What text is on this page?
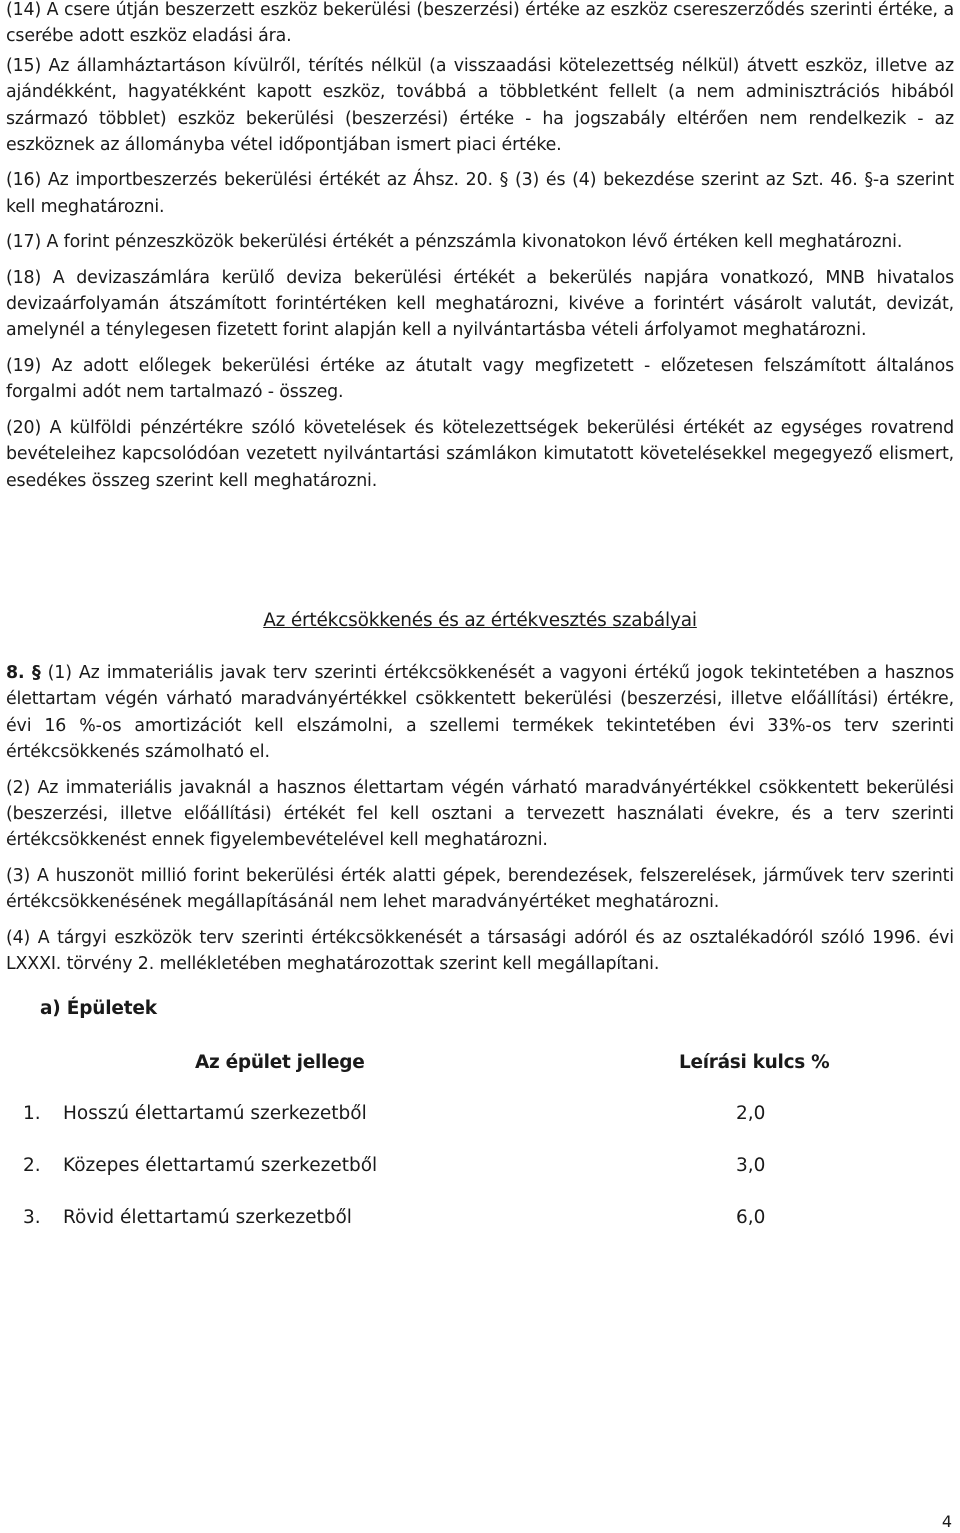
(14) A csere útján beszerzett eszköz bekerülési (beszerzési) értéke az eszköz csereszerződés szerinti értéke, a cserébe adott eszköz eladási ára.

(15) Az államháztartáson kívülről, térítés nélkül (a visszaadási kötelezettség nélkül) átvett eszköz, illetve az ajándékként, hagyatékként kapott eszköz, továbbá a többletként fellelt (a nem adminisztrációs hibából származó többlet) eszköz bekerülési (beszerzési) értéke - ha jogszabály eltérően nem rendelkezik - az eszköznek az állományba vétel időpontjában ismert piaci értéke.

(16) Az importbeszerzés bekerülési értékét az Áhsz. 20. § (3) és (4) bekezdése szerint az Szt. 46. §-a szerint kell meghatározni.

(17) A forint pénzeszközök bekerülési értékét a pénzszámla kivonatokon lévő értéken kell meghatározni.

(18) A devizaszámlára kerülő deviza bekerülési értékét a bekerülés napjára vonatkozó, MNB hivatalos devizaárfolyamán átszámított forintértéken kell meghatározni, kivéve a forintért vásárolt valutát, devizát, amelynél a ténylegesen fizetett forint alapján kell a nyilvántartásba vételi árfolyamot meghatározni.

(19) Az adott előlegek bekerülési értéke az átutalt vagy megfizetett - előzetesen felszámított általános forgalmi adót nem tartalmazó - összeg.

(20) A külföldi pénzértékre szóló követelések és kötelezettségek bekerülési értékét az egységes rovatrend bevételeihez kapcsolódóan vezetett nyilvántartási számlákon kimutatott követelésekkel megegyező elismert, esedékes összeg szerint kell meghatározni.

Az értékcsökkenés és az értékvesztés szabályai

8. § (1) Az immateriális javak terv szerinti értékcsökkenését a vagyoni értékű jogok tekintetében a hasznos élettartam végén várható maradványértékkel csökkentett bekerülési (beszerzési, illetve előállítási) értékre, évi 16 %-os amortizációt kell elszámolni, a szellemi termékek tekintetében évi 33%-os terv szerinti értékcsökkenés számolható el.

(2) Az immateriális javaknál a hasznos élettartam végén várható maradványértékkel csökkentett bekerülési (beszerzési, illetve előállítási) értékét fel kell osztani a tervezett használati évekre, és a terv szerinti értékcsökkenést ennek figyelembevételével kell meghatározni.

(3) A huszonöt millió forint bekerülési érték alatti gépek, berendezések, felszerelések, járművek terv szerinti értékcsökkenésének megállapításánál nem lehet maradványértéket meghatározni.

(4) A tárgyi eszközök terv szerinti értékcsökkenését a társasági adóról és az osztalékadóról szóló 1996. évi LXXXI. törvény 2. mellékletében meghatározottak szerint kell megállapítani.

a) Épületek
Az épület jellege	Leírási kulcs %
1. Hosszú élettartamú szerkezetből	2,0
2. Közepes élettartamú szerkezetből	3,0
3. Rövid élettartamú szerkezetből	6,0
4
